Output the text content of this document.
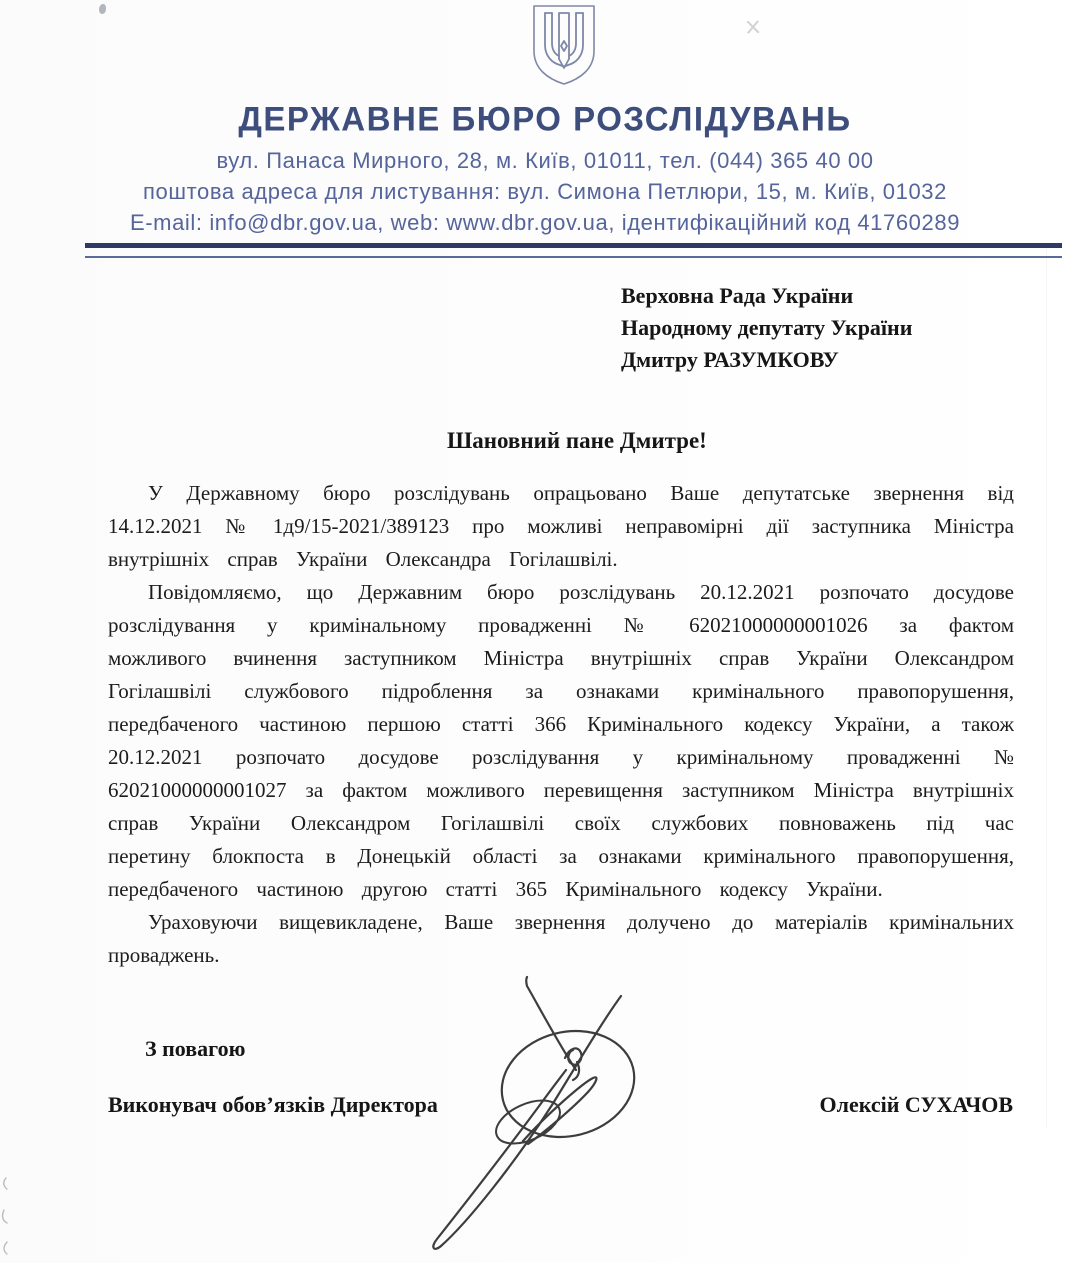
ДЕРЖАВНЕ БЮРО РОЗСЛІДУВАНЬ
вул. Панаса Мирного, 28, м. Київ, 01011, тел. (044) 365 40 00
поштова адреса для листування: вул. Симона Петлюри, 15, м. Київ, 01032
E-mail: info@dbr.gov.ua, web: www.dbr.gov.ua, ідентифікаційний код 41760289
Верховна Рада України
Народному депутату України
Дмитру РАЗУМКОВУ
Шановний пане Дмитре!

У Державному бюро розслідувань опрацьовано Ваше депутатське звернення від 14.12.2021 № 1д9/15-2021/389123 про можливі неправомірні дії заступника Міністра внутрішніх справ України Олександра Гогілашвілі.

Повідомляємо, що Державним бюро розслідувань 20.12.2021 розпочато досудове розслідування у кримінальному провадженні № 62021000000001026 за фактом можливого вчинення заступником Міністра внутрішніх справ України Олександром Гогілашвілі службового підроблення за ознаками кримінального правопорушення, передбаченого частиною першою статті 366 Кримінального кодексу України, а також 20.12.2021 розпочато досудове розслідування у кримінальному провадженні № 62021000000001027 за фактом можливого перевищення заступником Міністра внутрішніх справ України Олександром Гогілашвілі своїх службових повноважень під час перетину блокпоста в Донецькій області за ознаками кримінального правопорушення, передбаченого частиною другою статті 365 Кримінального кодексу України.

Ураховуючи вищевикладене, Ваше звернення долучено до матеріалів кримінальних проваджень.

З повагою
Виконувач обов’язків Директора	Олексій СУХАЧОВ
